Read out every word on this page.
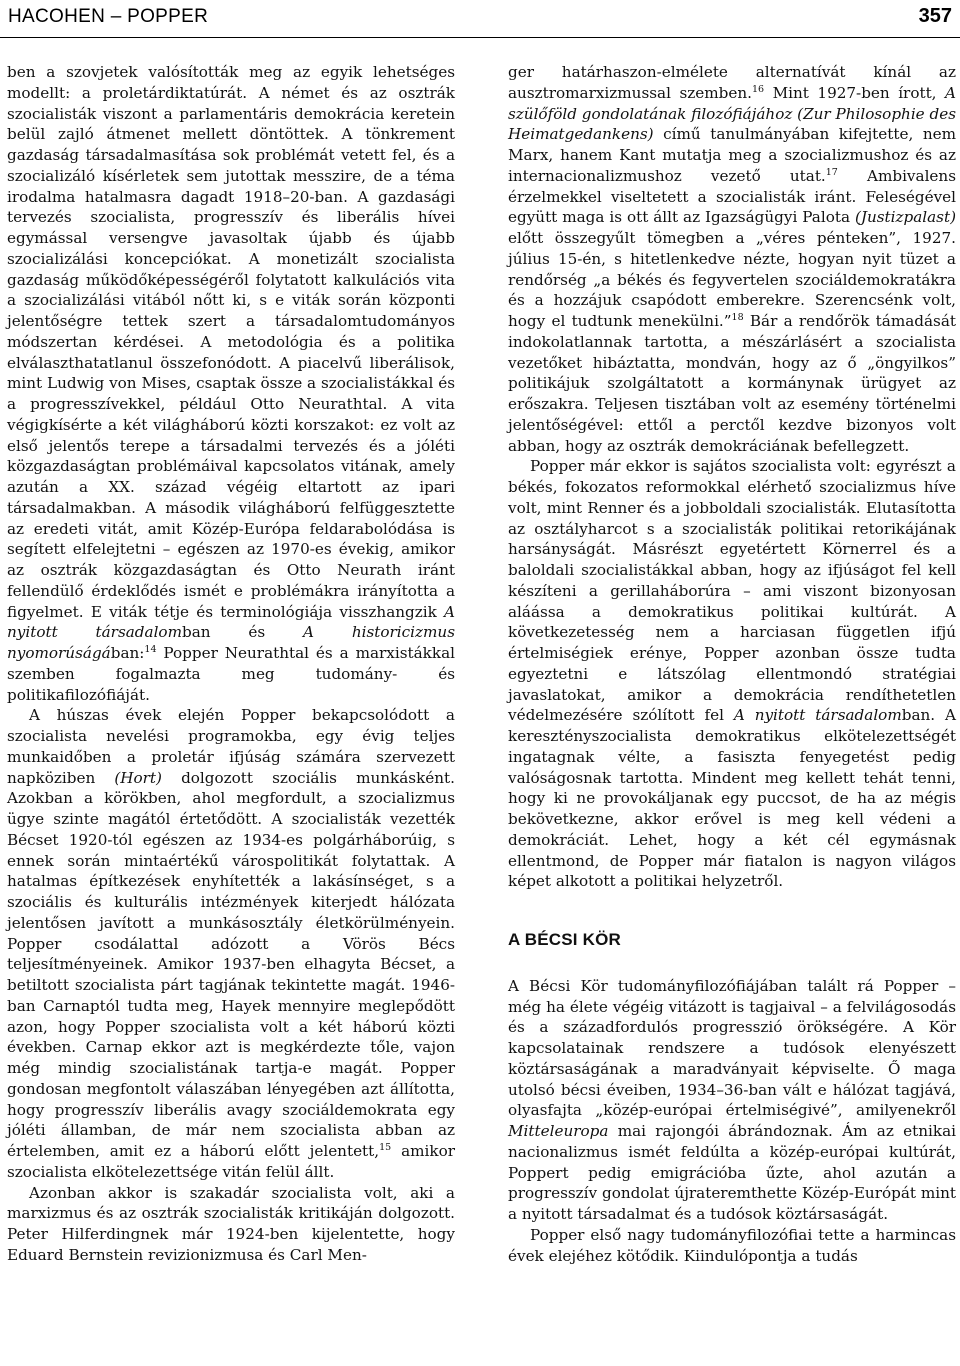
HACOHEN – POPPER	357

ben a szovjetek valósították meg az egyik lehetséges modellt: a proletárdiktatúrát. A német és az osztrák szocialisták viszont a parlamentáris demokrácia keretein belül zajló átmenet mellett döntöttek. A tönkrement gazdaság társadalmasítása sok problémát vetett fel, és a szocializáló kísérletek sem jutottak messzire, de a téma irodalma hatalmasra dagadt 1918–20-ban. A gazdasági tervezés szocialista, progresszív és liberális hívei egymással versengve javasoltak újabb és újabb szocializálási koncepciókat. A monetizált szocialista gazdaság működőképességéről folytatott kalkulációs vita a szocializálási vitából nőtt ki, s e viták során központi jelentőségre tettek szert a társadalomtudományos módszertan kérdései. A metodológia és a politika elválaszthatatlanul összefonódott. A piacelvű liberálisok, mint Ludwig von Mises, csaptak össze a szocialistákkal és a progresszívekkel, például Otto Neurathtal. A vita végigkísérte a két világháború közti korszakot: ez volt az első jelentős terepe a társadalmi tervezés és a jóléti közgazdaságtan problémáival kapcsolatos vitának, amely azután a XX. század végéig eltartott az ipari társadalmakban. A második világháború felfüggesztette az eredeti vitát, amit Közép-Európa feldarabolódása is segített elfelejtetni – egészen az 1970-es évekig, amikor az osztrák közgazdaságtan és Otto Neurath iránt fellendülő érdeklődés ismét e problémákra irányította a figyelmet. E viták tétje és terminológiája visszhangzik A nyitott társadalomban és A historicizmus nyomorúságában:$^{14}$ Popper Neurathtal és a marxistákkal szemben fogalmazta meg tudomány- és politikafilozófiáját.

A húszas évek elején Popper bekapcsolódott a szocialista nevelési programokba, egy évig teljes munkaidőben a proletár ifjúság számára szervezett napköziben (Hort) dolgozott szociális munkásként. Azokban a körökben, ahol megfordult, a szocializmus ügye szinte magától értetődött. A szocialisták vezették Bécset 1920-tól egészen az 1934-es polgárháborúig, s ennek során mintaértékű várospolitikát folytattak. A hatalmas építkezések enyhítették a lakásínséget, s a szociális és kulturális intézmények kiterjedt hálózata jelentősen javított a munkásosztály életkörülményein. Popper csodálattal adózott a Vörös Bécs teljesítményeinek. Amikor 1937-ben elhagyta Bécset, a betiltott szocialista párt tagjának tekintette magát. 1946-ban Carnaptól tudta meg, Hayek mennyire meglepődött azon, hogy Popper szocialista volt a két háború közti években. Carnap ekkor azt is megkérdezte tőle, vajon még mindig szocialistának tartja-e magát. Popper gondosan megfontolt válaszában lényegében azt állította, hogy progresszív liberális avagy szociáldemokrata egy jóléti államban, de már nem szocialista abban az értelemben, amit ez a háború előtt jelentett,$^{15}$ amikor szocialista elkötelezettsége vitán felül állt.

Azonban akkor is szakadár szocialista volt, aki a marxizmus és az osztrák szocialisták kritikáján dolgozott. Peter Hilferdingnek már 1924-ben kijelentette, hogy Eduard Bernstein revizionizmusa és Carl Men-

ger határhaszon-elmélete alternatívát kínál az ausztromarxizmussal szemben.$^{16}$ Mint 1927-ben írott, A szülőföld gondolatának filozófiájához (Zur Philosophie des Heimatgedankens) című tanulmányában kifejtette, nem Marx, hanem Kant mutatja meg a szocializmushoz és az internacionalizmushoz vezető utat.$^{17}$ Ambivalens érzelmekkel viseltetett a szocialisták iránt. Feleségével együtt maga is ott állt az Igazságügyi Palota (Justizpalast) előtt összegyűlt tömegben a „véres pénteken”, 1927. július 15-én, s hitetlenkedve nézte, hogyan nyit tüzet a rendőrség „a békés és fegyvertelen szociáldemokratákra és a hozzájuk csapódott emberekre. Szerencsénk volt, hogy el tudtunk menekülni.”$^{18}$ Bár a rendőrök támadását indokolatlannak tartotta, a mészárlásért a szocialista vezetőket hibáztatta, mondván, hogy az ő „öngyilkos” politikájuk szolgáltatott a kormánynak ürügyet az erőszakra. Teljesen tisztában volt az esemény történelmi jelentőségével: ettől a perctől kezdve bizonyos volt abban, hogy az osztrák demokráciának befellegzett.

Popper már ekkor is sajátos szocialista volt: egyrészt a békés, fokozatos reformokkal elérhető szocializmus híve volt, mint Renner és a jobboldali szocialisták. Elutasította az osztályharcot s a szocialisták politikai retorikájának harsányságát. Másrészt egyetértett Körnerrel és a baloldali szocialistákkal abban, hogy az ifjúságot fel kell készíteni a gerillaháborúra – ami viszont bizonyosan aláássa a demokratikus politikai kultúrát. A következetesség nem a harciasan független ifjú értelmiségiek erénye, Popper azonban össze tudta egyeztetni e látszólag ellentmondó stratégiai javaslatokat, amikor a demokrácia rendíthetetlen védelmezésére szólított fel A nyitott társadalomban. A keresztényszocialista demokratikus elkötelezettségét ingatagnak vélte, a fasiszta fenyegetést pedig valóságosnak tartotta. Mindent meg kellett tehát tenni, hogy ki ne provokáljanak egy puccsot, de ha az mégis bekövetkezne, akkor erővel is meg kell védeni a demokráciát. Lehet, hogy a két cél egymásnak ellentmond, de Popper már fiatalon is nagyon világos képet alkotott a politikai helyzetről.

A BÉCSI KÖR

A Bécsi Kör tudományfilozófiájában talált rá Popper – még ha élete végéig vitázott is tagjaival – a felvilágosodás és a századfordulós progresszió örökségére. A Kör kapcsolatainak rendszere a tudósok elenyészett köztársaságának a maradványait képviselte. Ő maga utolsó bécsi éveiben, 1934–36-ban vált e hálózat tagjává, olyasfajta „közép-európai értelmiségivé”, amilyenekről Mitteleuropa mai rajongói ábrándoznak. Ám az etnikai nacionalizmus ismét feldúlta a közép-európai kultúrát, Poppert pedig emigrációba űzte, ahol azután a progresszív gondolat újrateremthette Közép-Európát mint a nyitott társadalmat és a tudósok köztársaságát.

Popper első nagy tudományfilozófiai tette a harmincas évek elejéhez kötődik. Kiindulópontja a tudás
